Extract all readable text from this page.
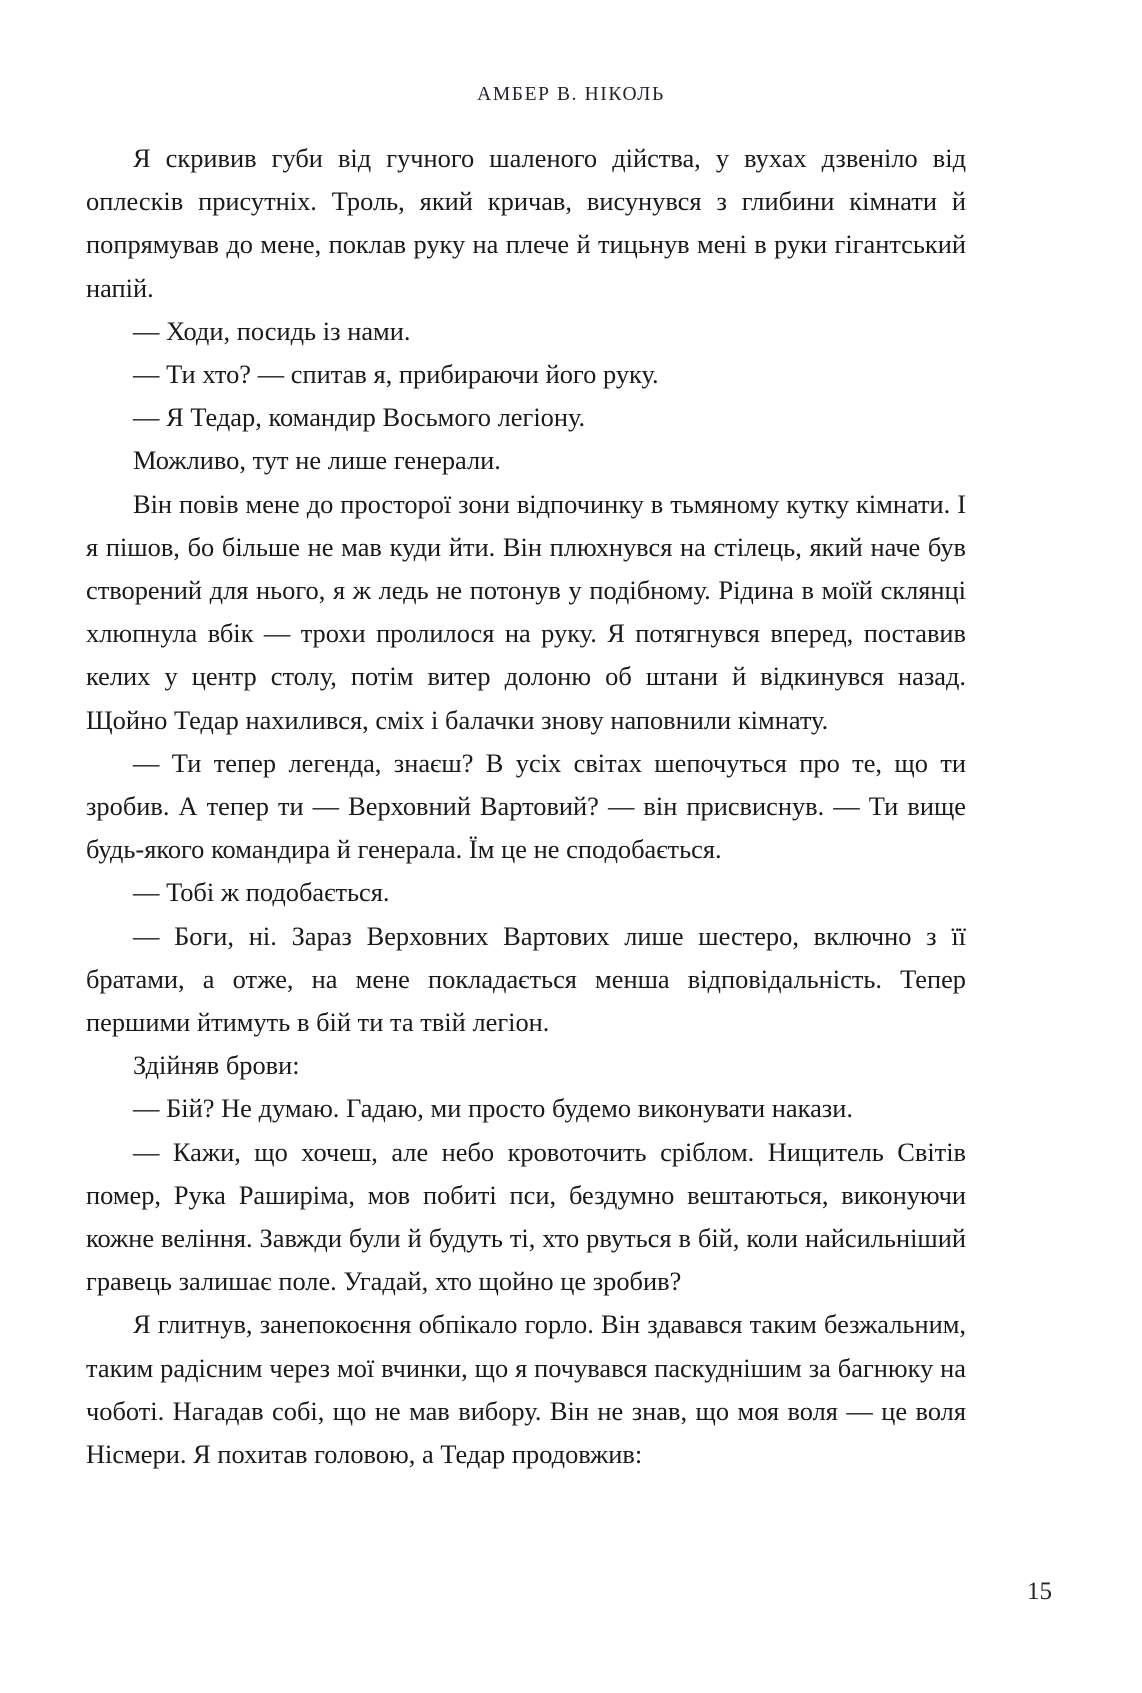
АМБЕР В. НІКОЛЬ

Я скривив губи від гучного шаленого дійства, у вухах дзвеніло від оплесків присутніх. Троль, який кричав, висунувся з глибини кімнати й попрямував до мене, поклав руку на плече й тицьнув мені в руки гігантський напій.

— Ходи, посидь із нами.

— Ти хто? — спитав я, прибираючи його руку.

— Я Тедар, командир Восьмого легіону.

Можливо, тут не лише генерали.

Він повів мене до просторої зони відпочинку в тьмяному кутку кімнати. І я пішов, бо більше не мав куди йти. Він плюхнувся на стілець, який наче був створений для нього, я ж ледь не потонув у подібному. Рідина в моїй склянці хлюпнула вбік — трохи пролилося на руку. Я потягнувся вперед, поставив келих у центр столу, потім витер долоню об штани й відкинувся назад. Щойно Тедар нахилився, сміх і балачки знову наповнили кімнату.

— Ти тепер легенда, знаєш? В усіх світах шепочуться про те, що ти зробив. А тепер ти — Верховний Вартовий? — він присвиснув. — Ти вище будь-якого командира й генерала. Їм це не сподобається.

— Тобі ж подобається.

— Боги, ні. Зараз Верховних Вартових лише шестеро, включно з її братами, а отже, на мене покладається менша відповідальність. Тепер першими йтимуть в бій ти та твій легіон.

Здійняв брови:

— Бій? Не думаю. Гадаю, ми просто будемо виконувати накази.

— Кажи, що хочеш, але небо кровоточить сріблом. Нищитель Світів помер, Рука Раширіма, мов побиті пси, бездумно вештаються, виконуючи кожне веління. Завжди були й будуть ті, хто рвуться в бій, коли найсильніший гравець залишає поле. Угадай, хто щойно це зробив?

Я глитнув, занепокоєння обпікало горло. Він здавався таким безжальним, таким радісним через мої вчинки, що я почувався паскуднішим за багнюку на чоботі. Нагадав собі, що не мав вибору. Він не знав, що моя воля — це воля Нісмери. Я похитав головою, а Тедар продовжив:

15
